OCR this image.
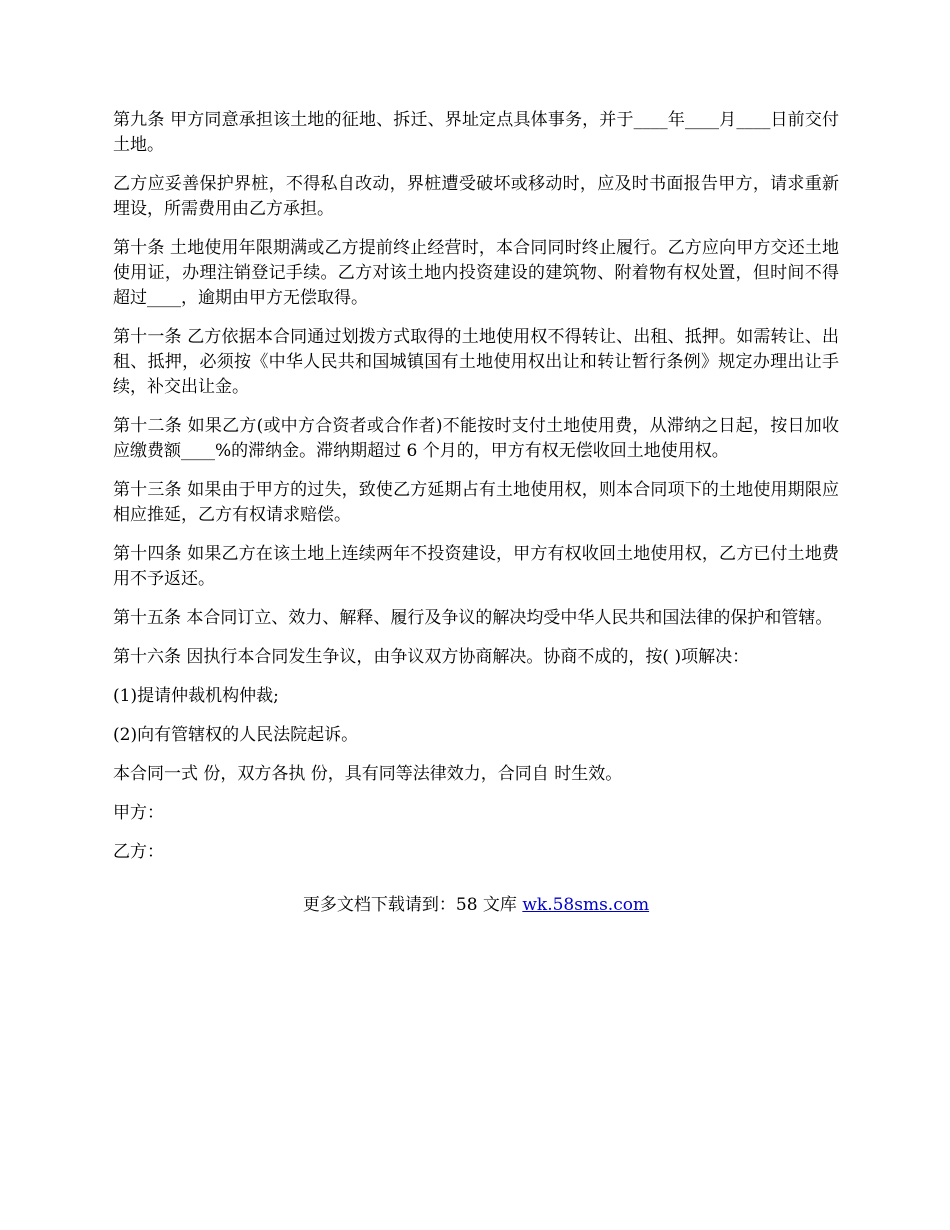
第九条 甲方同意承担该土地的征地、拆迁、界址定点具体事务，并于____年____月____日前交付土地。

乙方应妥善保护界桩，不得私自改动，界桩遭受破坏或移动时，应及时书面报告甲方，请求重新埋设，所需费用由乙方承担。

第十条 土地使用年限期满或乙方提前终止经营时，本合同同时终止履行。乙方应向甲方交还土地使用证，办理注销登记手续。乙方对该土地内投资建设的建筑物、附着物有权处置，但时间不得超过____，逾期由甲方无偿取得。

第十一条 乙方依据本合同通过划拨方式取得的土地使用权不得转让、出租、抵押。如需转让、出租、抵押，必须按《中华人民共和国城镇国有土地使用权出让和转让暂行条例》规定办理出让手续，补交出让金。

第十二条 如果乙方(或中方合资者或合作者)不能按时支付土地使用费，从滞纳之日起，按日加收应缴费额____%的滞纳金。滞纳期超过 6 个月的，甲方有权无偿收回土地使用权。

第十三条 如果由于甲方的过失，致使乙方延期占有土地使用权，则本合同项下的土地使用期限应相应推延，乙方有权请求赔偿。

第十四条 如果乙方在该土地上连续两年不投资建设，甲方有权收回土地使用权，乙方已付土地费用不予返还。

第十五条 本合同订立、效力、解释、履行及争议的解决均受中华人民共和国法律的保护和管辖。

第十六条 因执行本合同发生争议，由争议双方协商解决。协商不成的，按( )项解决：

(1)提请仲裁机构仲裁;

(2)向有管辖权的人民法院起诉。

本合同一式 份，双方各执 份，具有同等法律效力，合同自 时生效。

甲方：

乙方：

更多文档下载请到：58 文库 wk.58sms.com
